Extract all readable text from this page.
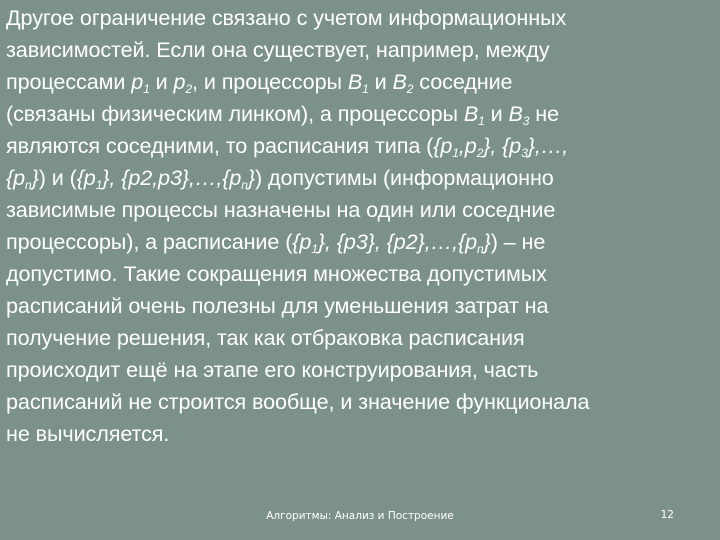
Другое ограничение связано с учетом информационных
зависимостей. Если она существует, например, между
процессами $p_1$ и $p_2$, и процессоры $B_1$ и $B_2$ соседние
(связаны физическим линком), а процессоры $B_1$ и $B_3$ не
являются соседними, то расписания типа ($\{p_1,p_2\}$, $\{p_3\},\dots$,
$\{p_n\}$) и ($\{p_1\}$, $\{p2,p3\},\dots,\{p_n\}$) допустимы (информационно
зависимые процессы назначены на один или соседние
процессоры), а расписание ($\{p_1\}$, {p3}, $\{p2\},\dots,\{p_n\}$) – не
допустимо. Такие сокращения множества допустимых
расписаний очень полезны для уменьшения затрат на
получение решения, так как отбраковка расписания
происходит ещё на этапе его конструирования, часть
расписаний не строится вообще, и значение функционала
не вычисляется.
Алгоритмы: Анализ и Построение	12
